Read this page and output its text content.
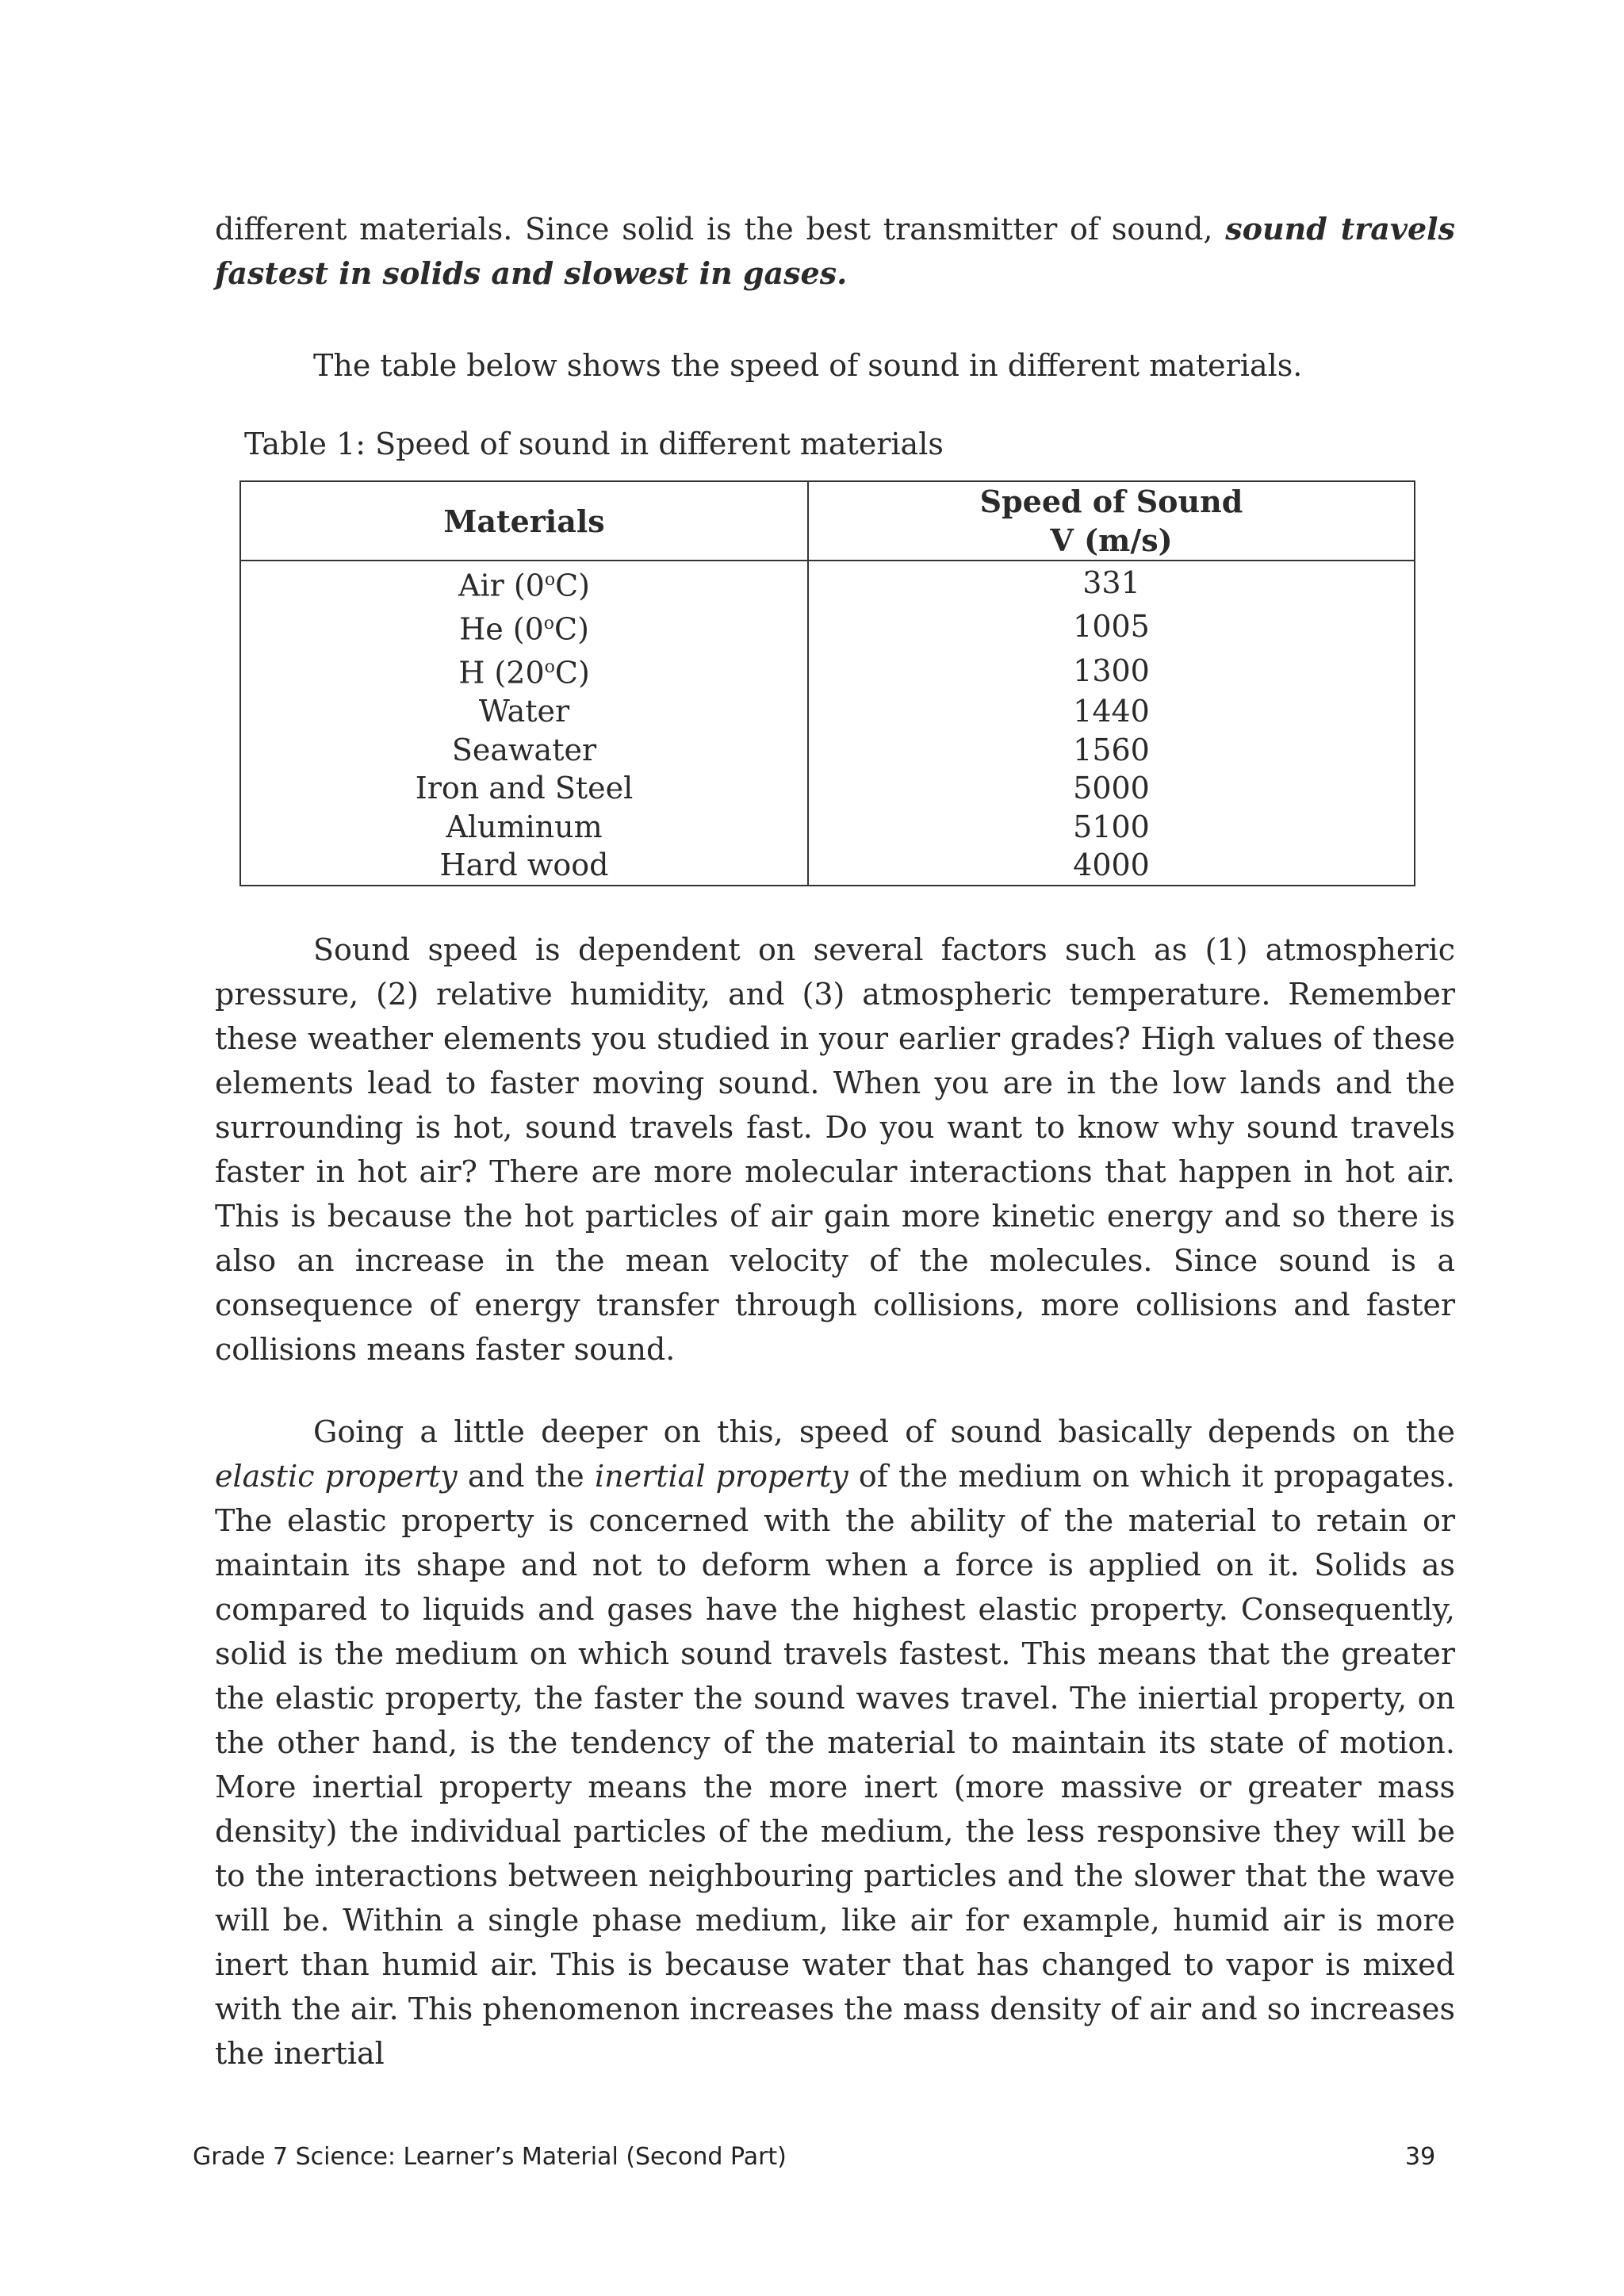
different materials. Since solid is the best transmitter of sound, sound travels fastest in solids and slowest in gases.

The table below shows the speed of sound in different materials.

Table 1: Speed of sound in different materials

Materials	Speed of Sound
V (m/s)
Air (0$^o$C)	331
He (0$^o$C)	1005
H (20$^o$C)	1300
Water	1440
Seawater	1560
Iron and Steel	5000
Aluminum	5100
Hard wood	4000

Sound speed is dependent on several factors such as (1) atmospheric pressure, (2) relative humidity, and (3) atmospheric temperature. Remember these weather elements you studied in your earlier grades? High values of these elements lead to faster moving sound. When you are in the low lands and the surrounding is hot, sound travels fast. Do you want to know why sound travels faster in hot air? There are more molecular interactions that happen in hot air. This is because the hot particles of air gain more kinetic energy and so there is also an increase in the mean velocity of the molecules. Since sound is a consequence of energy transfer through collisions, more collisions and faster collisions means faster sound.

Going a little deeper on this, speed of sound basically depends on the elastic property and the inertial property of the medium on which it propagates. The elastic property is concerned with the ability of the material to retain or maintain its shape and not to deform when a force is applied on it. Solids as compared to liquids and gases have the highest elastic property. Consequently, solid is the medium on which sound travels fastest. This means that the greater the elastic property, the faster the sound waves travel. The iniertial property, on the other hand, is the tendency of the material to maintain its state of motion. More inertial property means the more inert (more massive or greater mass density) the individual particles of the medium, the less responsive they will be to the interactions between neighbouring particles and the slower that the wave will be. Within a single phase medium, like air for example, humid air is more inert than humid air. This is because water that has changed to vapor is mixed with the air. This phenomenon increases the mass density of air and so increases the inertial

Grade 7 Science: Learner’s Material (Second Part)	39
